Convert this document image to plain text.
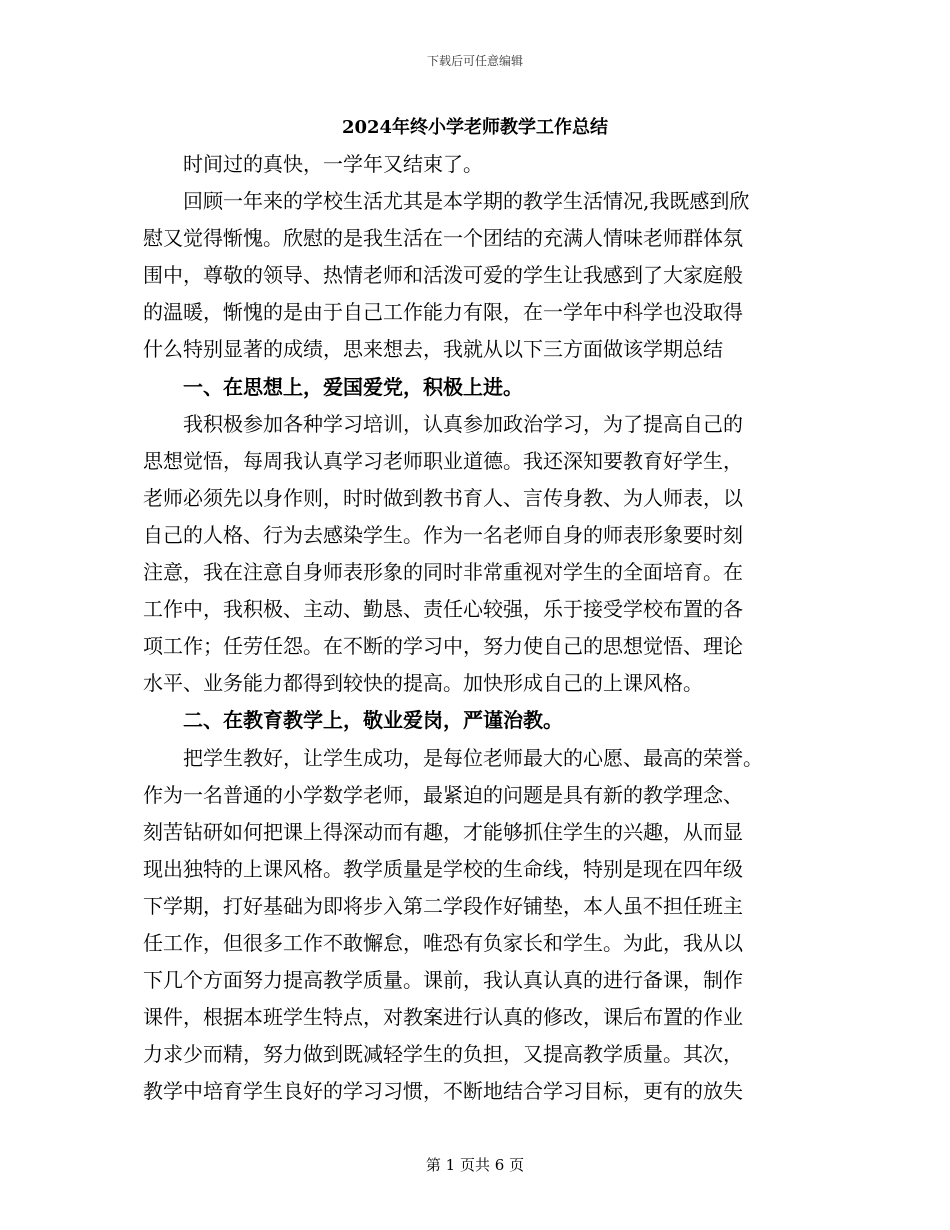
下载后可任意编辑
2024年终小学老师教学工作总结
　　时间过的真快，一学年又结束了。
　　回顾一年来的学校生活尤其是本学期的教学生活情况,我既感到欣
慰又觉得惭愧。欣慰的是我生活在一个团结的充满人情味老师群体氛
围中，尊敬的领导、热情老师和活泼可爱的学生让我感到了大家庭般
的温暖，惭愧的是由于自己工作能力有限，在一学年中科学也没取得
什么特别显著的成绩，思来想去，我就从以下三方面做该学期总结
　　一、在思想上，爱国爱党，积极上进。
　　我积极参加各种学习培训，认真参加政治学习，为了提高自己的
思想觉悟，每周我认真学习老师职业道德。我还深知要教育好学生，
老师必须先以身作则，时时做到教书育人、言传身教、为人师表，以
自己的人格、行为去感染学生。作为一名老师自身的师表形象要时刻
注意，我在注意自身师表形象的同时非常重视对学生的全面培育。在
工作中，我积极、主动、勤恳、责任心较强，乐于接受学校布置的各
项工作；任劳任怨。在不断的学习中，努力使自己的思想觉悟、理论
水平、业务能力都得到较快的提高。加快形成自己的上课风格。
　　二、在教育教学上，敬业爱岗，严谨治教。
　　把学生教好，让学生成功，是每位老师最大的心愿、最高的荣誉。
作为一名普通的小学数学老师，最紧迫的问题是具有新的教学理念、
刻苦钻研如何把课上得深动而有趣，才能够抓住学生的兴趣，从而显
现出独特的上课风格。教学质量是学校的生命线，特别是现在四年级
下学期，打好基础为即将步入第二学段作好铺垫，本人虽不担任班主
任工作，但很多工作不敢懈怠，唯恐有负家长和学生。为此，我从以
下几个方面努力提高教学质量。课前，我认真认真的进行备课，制作
课件，根据本班学生特点，对教案进行认真的修改，课后布置的作业
力求少而精，努力做到既减轻学生的负担，又提高教学质量。其次，
教学中培育学生良好的学习习惯，不断地结合学习目标，更有的放失
第 1 页共 6 页
